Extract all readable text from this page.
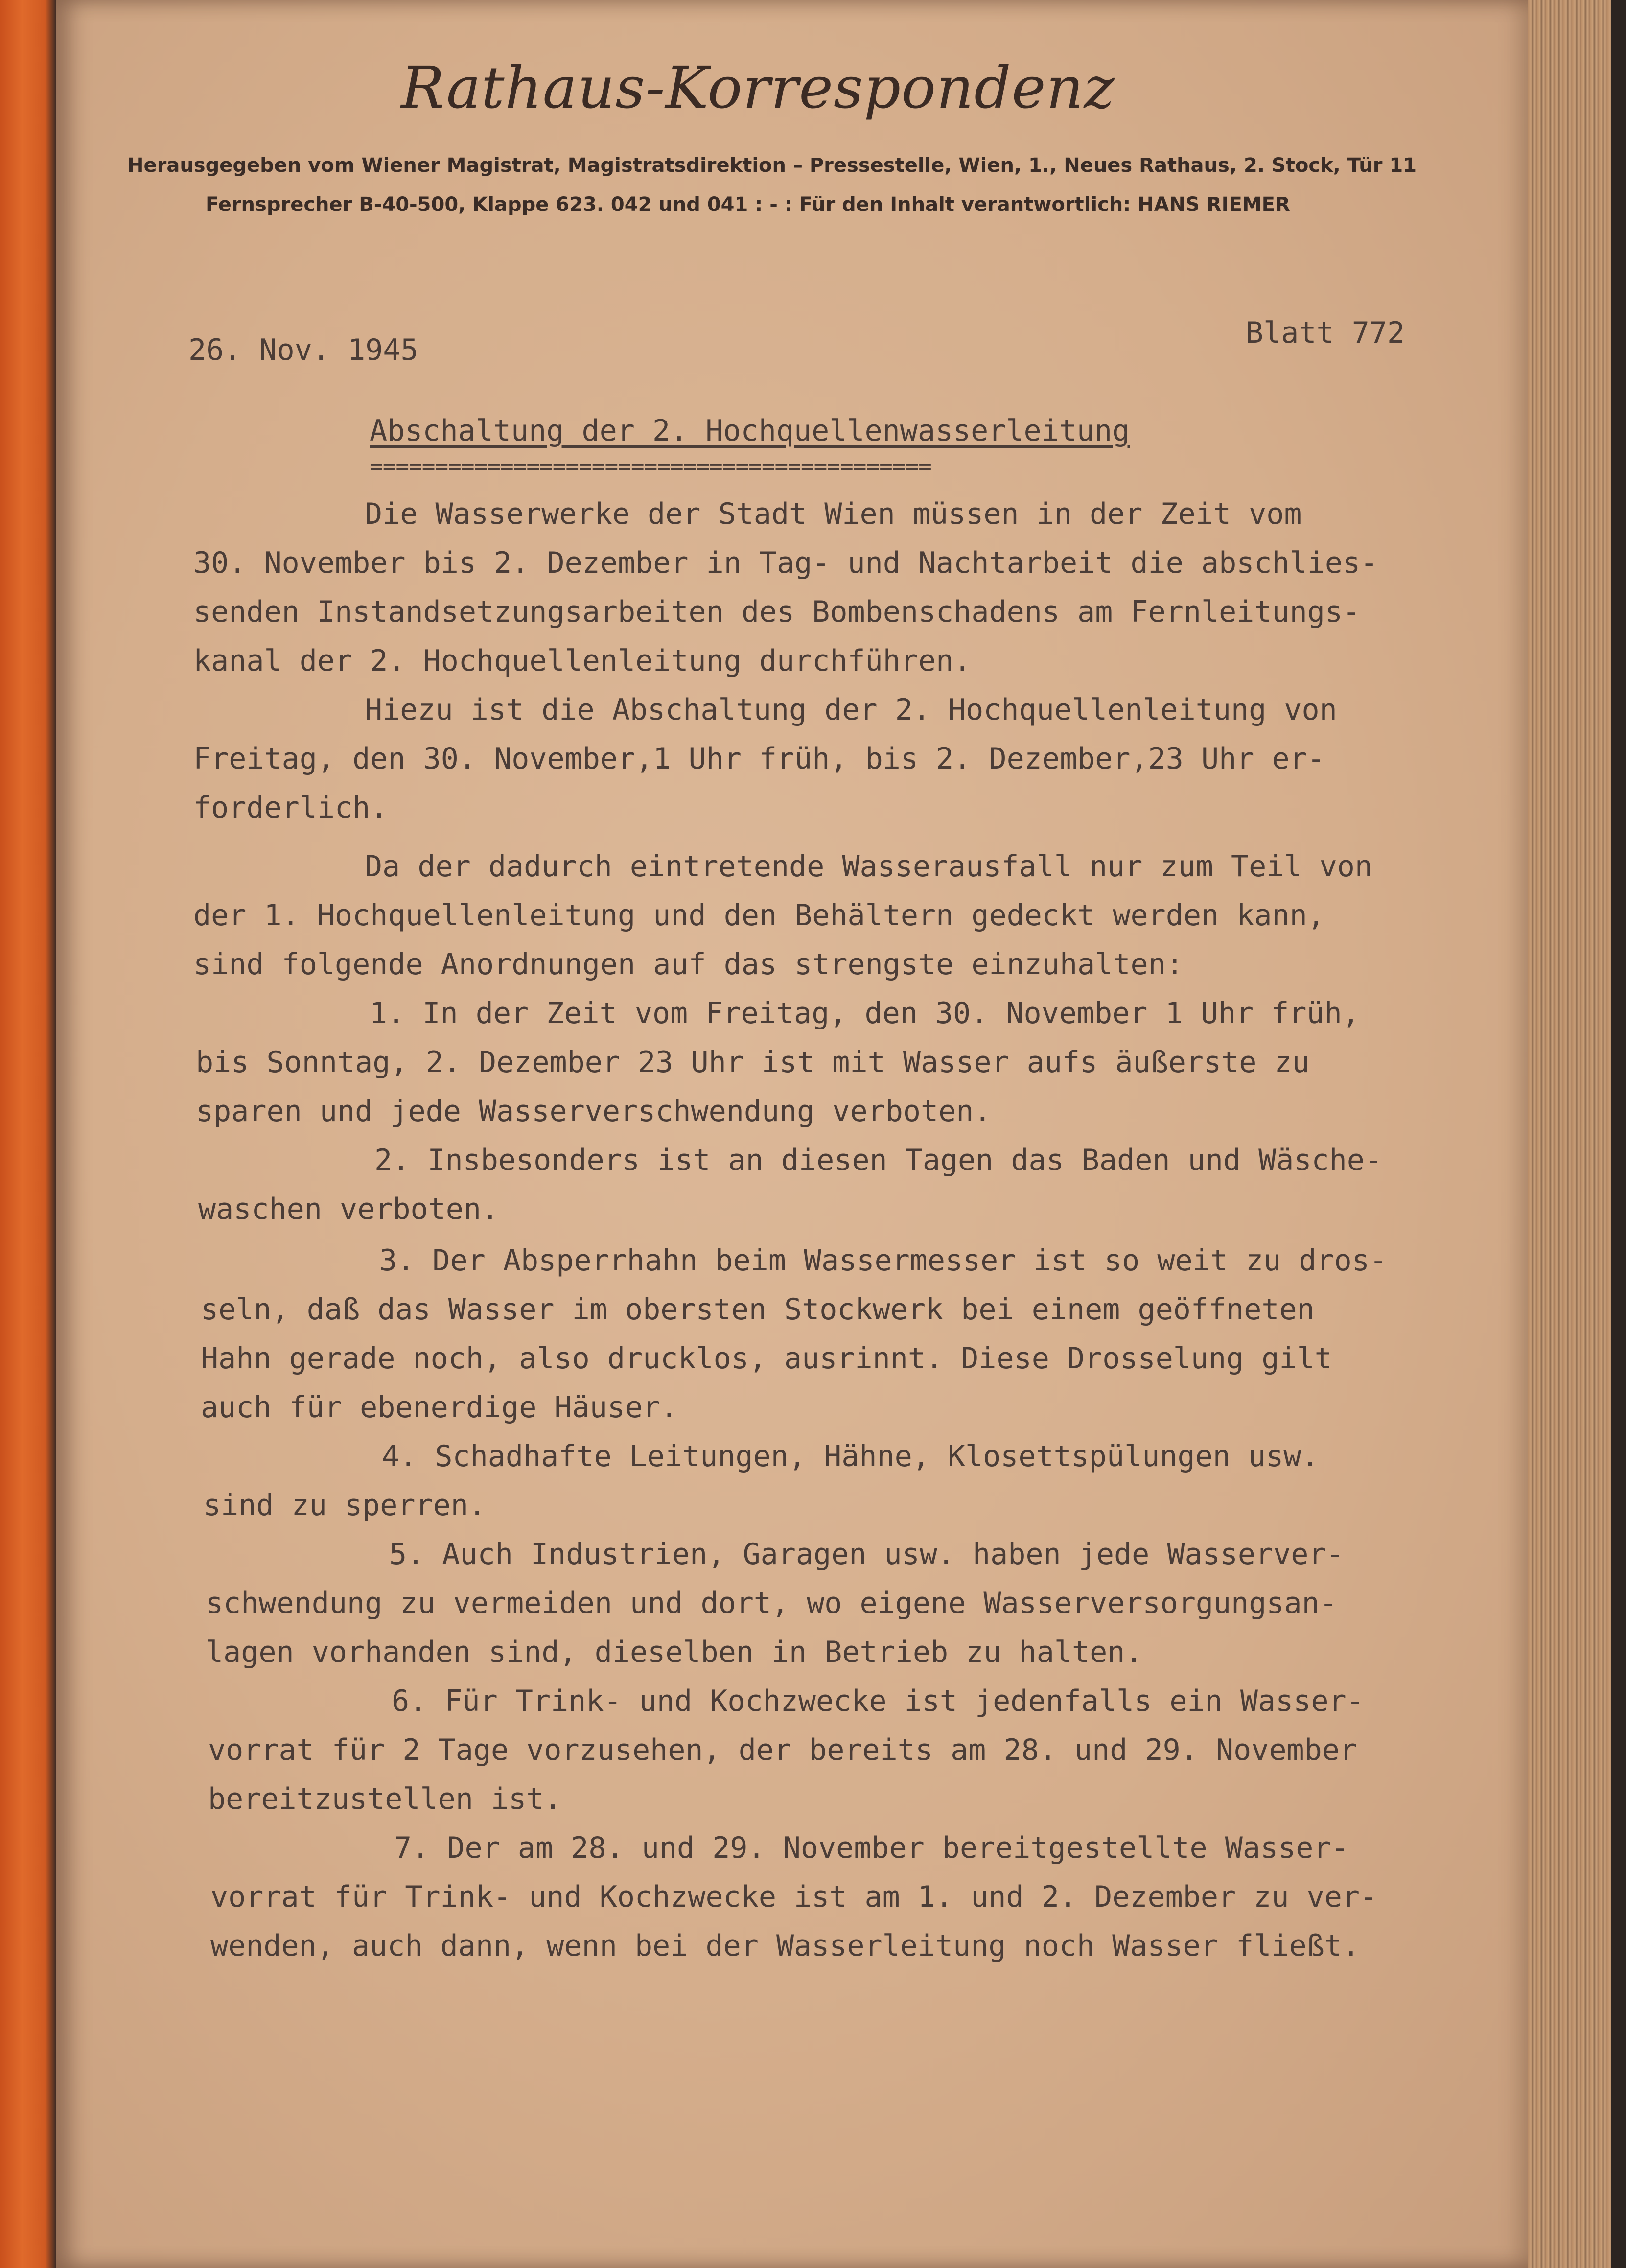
Rathaus-Korrespondenz
Herausgegeben vom Wiener Magistrat, Magistratsdirektion – Pressestelle, Wien, 1., Neues Rathaus, 2. Stock, Tür 11
Fernsprecher B-40-500, Klappe 623. 042 und 041 : - : Für den Inhalt verantwortlich: HANS RIEMER
26. Nov. 1945	Blatt 772
Abschaltung der 2. Hochquellenwasserleitung
===========================================
Die Wasserwerke der Stadt Wien müssen in der Zeit vom
30. November bis 2. Dezember in Tag- und Nachtarbeit die abschlies-
senden Instandsetzungsarbeiten des Bombenschadens am Fernleitungs-
kanal der 2. Hochquellenleitung durchführen.
Hiezu ist die Abschaltung der 2. Hochquellenleitung von
Freitag, den 30. November,1 Uhr früh, bis 2. Dezember,23 Uhr er-
forderlich.
Da der dadurch eintretende Wasserausfall nur zum Teil von
der 1. Hochquellenleitung und den Behältern gedeckt werden kann,
sind folgende Anordnungen auf das strengste einzuhalten:
1. In der Zeit vom Freitag, den 30. November 1 Uhr früh,
bis Sonntag, 2. Dezember 23 Uhr ist mit Wasser aufs äußerste zu
sparen und jede Wasserverschwendung verboten.
2. Insbesonders ist an diesen Tagen das Baden und Wäsche-
waschen verboten.
3. Der Absperrhahn beim Wassermesser ist so weit zu dros-
seln, daß das Wasser im obersten Stockwerk bei einem geöffneten
Hahn gerade noch, also drucklos, ausrinnt. Diese Drosselung gilt
auch für ebenerdige Häuser.
4. Schadhafte Leitungen, Hähne, Klosettspülungen usw.
sind zu sperren.
5. Auch Industrien, Garagen usw. haben jede Wasserver-
schwendung zu vermeiden und dort, wo eigene Wasserversorgungsan-
lagen vorhanden sind, dieselben in Betrieb zu halten.
6. Für Trink- und Kochzwecke ist jedenfalls ein Wasser-
vorrat für 2 Tage vorzusehen, der bereits am 28. und 29. November
bereitzustellen ist.
7. Der am 28. und 29. November bereitgestellte Wasser-
vorrat für Trink- und Kochzwecke ist am 1. und 2. Dezember zu ver-
wenden, auch dann, wenn bei der Wasserleitung noch Wasser fließt.
